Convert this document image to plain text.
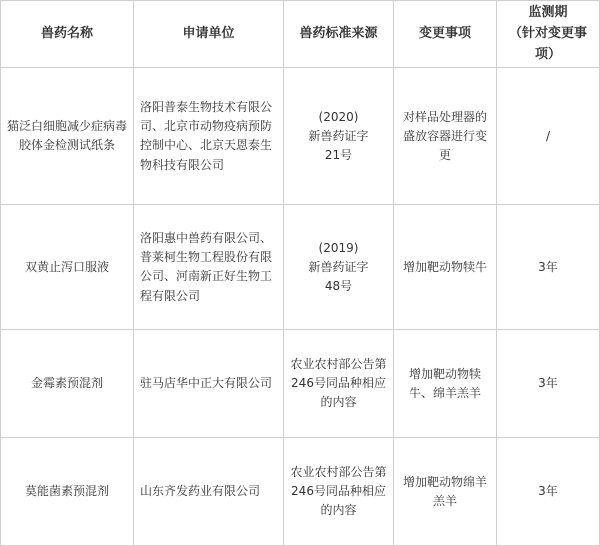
兽药名称	申请单位	兽药标准来源	变更事项	监测期
（针对变更事项）
猫泛白细胞减少症病毒胶体金检测试纸条	洛阳普泰生物技术有限公司、北京市动物疫病预防控制中心、北京天恩泰生物科技有限公司	(2020)
新兽药证字
21号	对样品处理器的盛放容器进行变更	/
双黄止泻口服液	洛阳惠中兽药有限公司、普莱柯生物工程股份有限公司、河南新正好生物工程有限公司	(2019)
新兽药证字
48号	增加靶动物犊牛	3年
金霉素预混剂	驻马店华中正大有限公司	农业农村部公告第246号同品种相应的内容	增加靶动物犊牛、绵羊羔羊	3年
莫能菌素预混剂	山东齐发药业有限公司	农业农村部公告第246号同品种相应的内容	增加靶动物绵羊羔羊	3年
